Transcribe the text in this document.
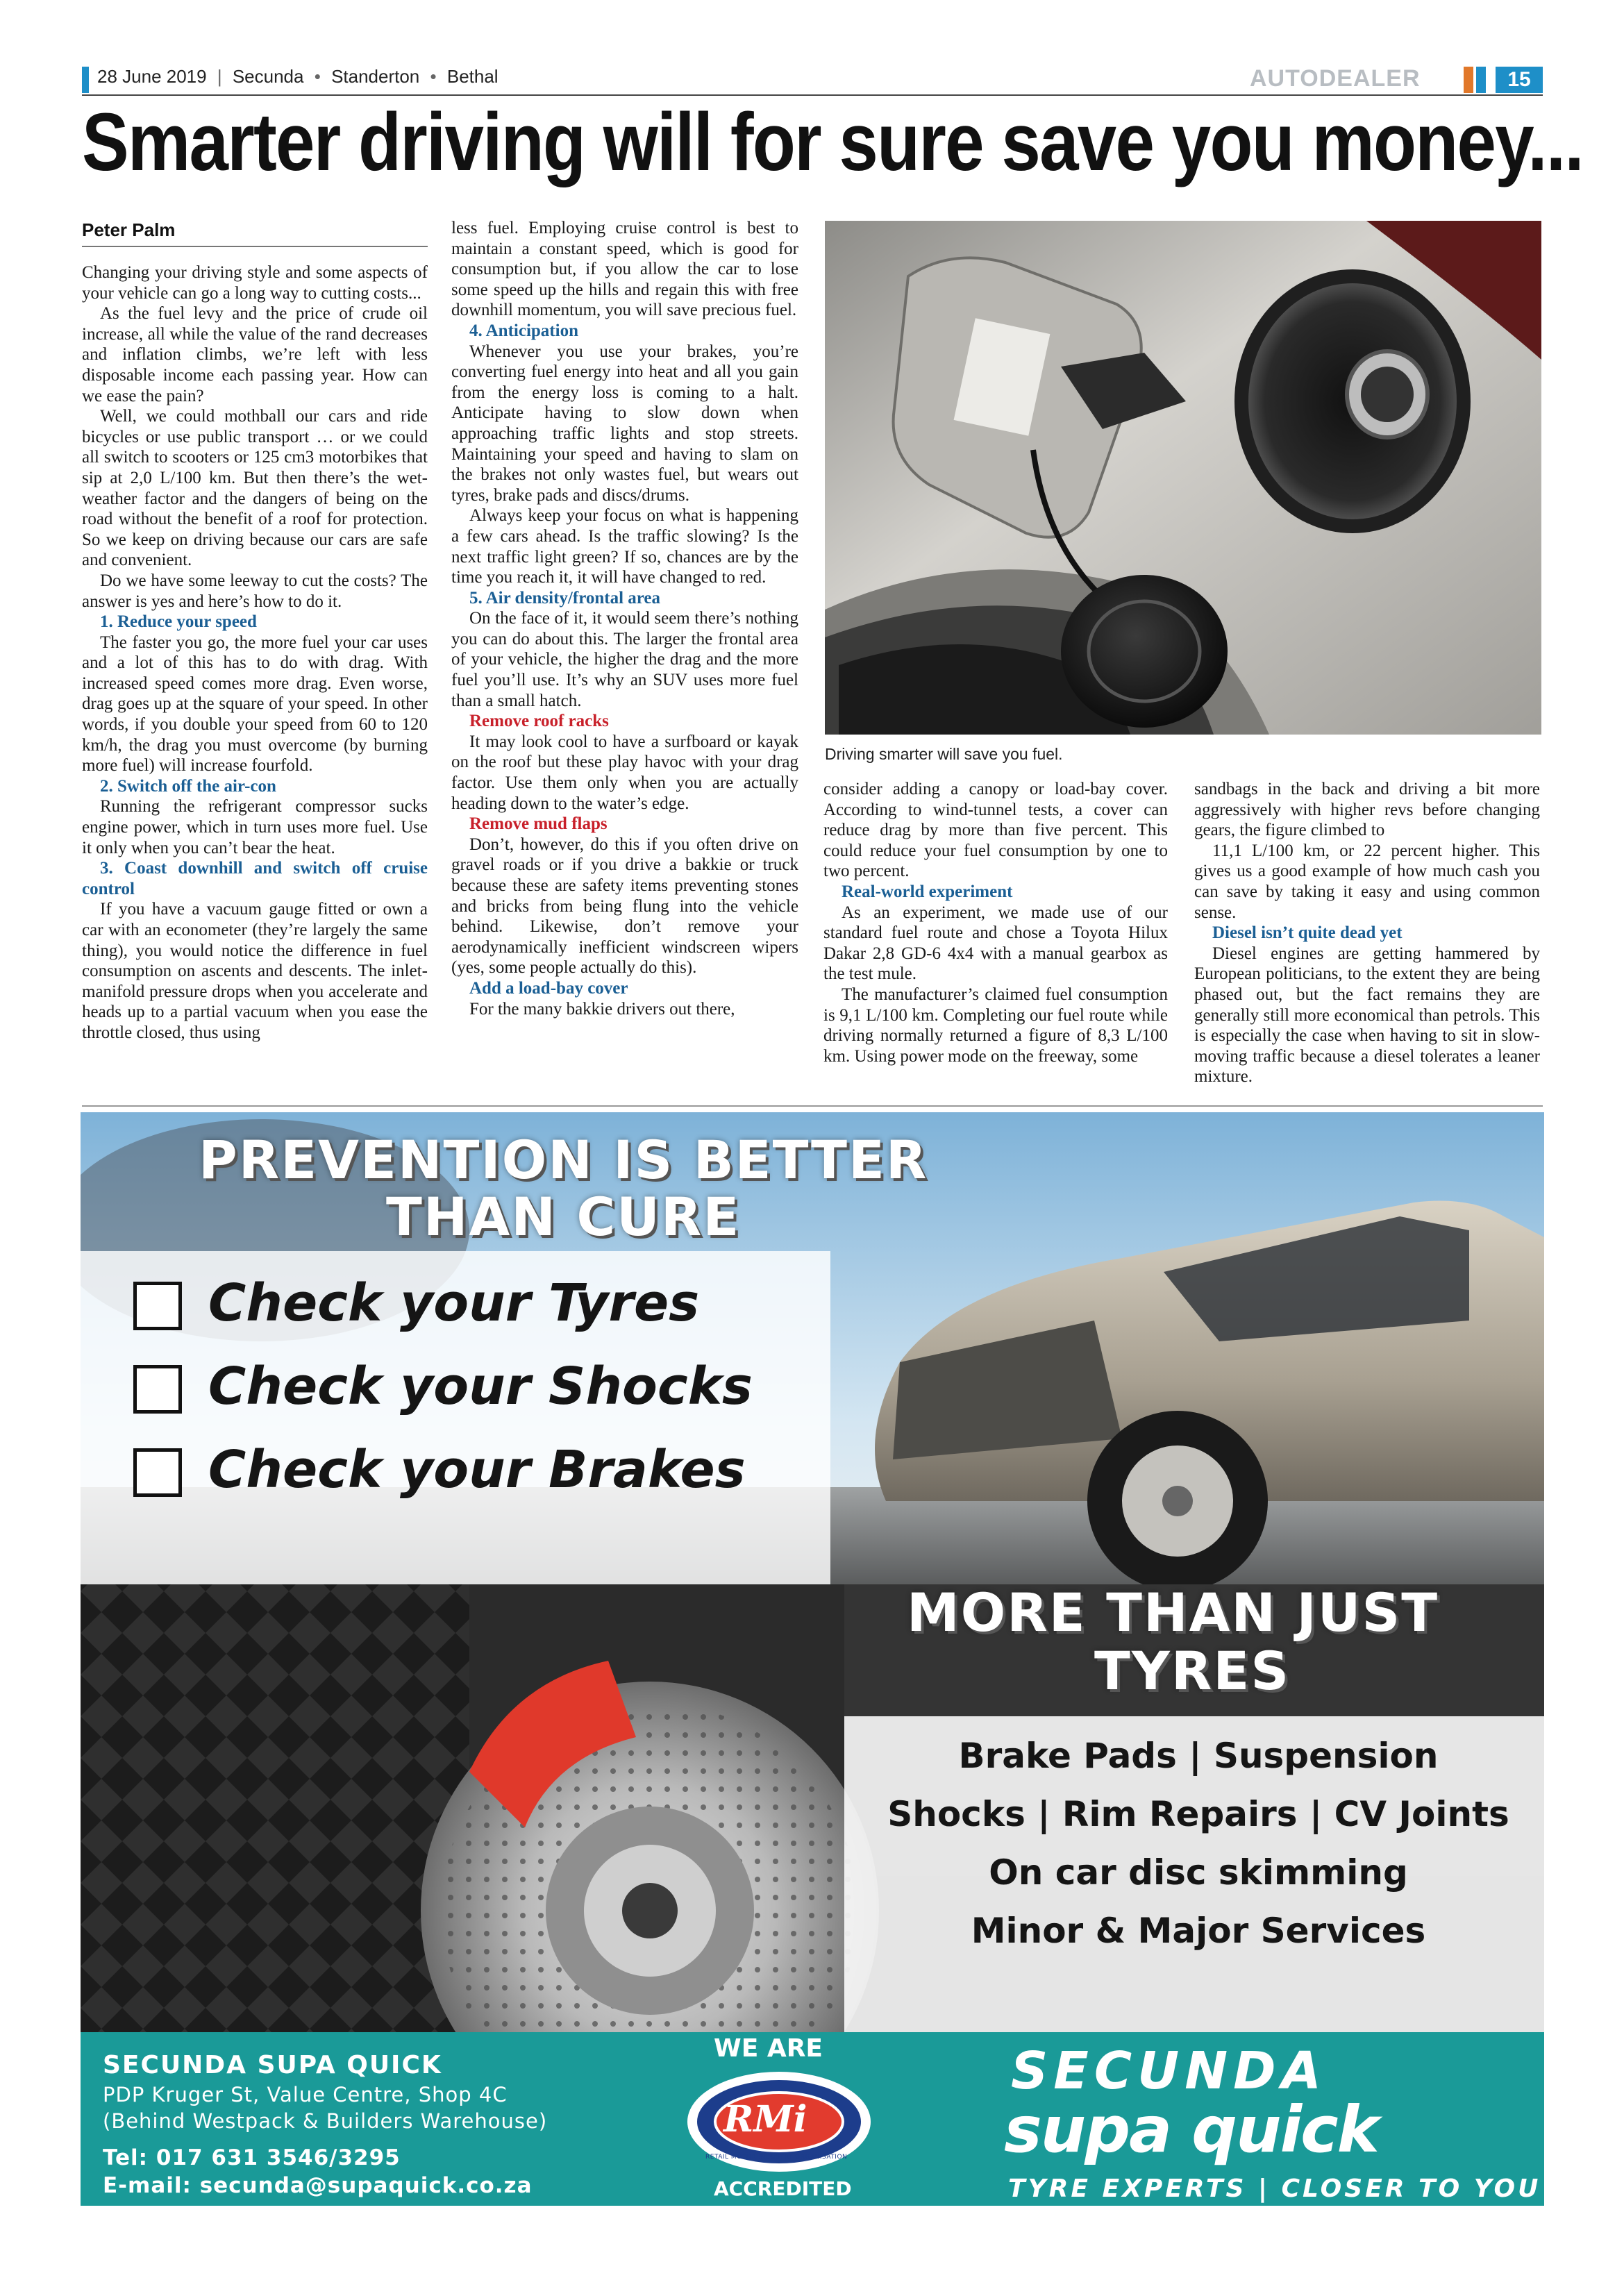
28 June 2019 | Secunda • Standerton • Bethal	AUTODEALER	15
Smarter driving will for sure save you money...
Peter Palm

Changing your driving style and some aspects of your vehicle can go a long way to cutting costs...

As the fuel levy and the price of crude oil increase, all while the value of the rand decreases and inflation climbs, we’re left with less disposable income each passing year. How can we ease the pain?

Well, we could mothball our cars and ride bicycles or use public transport … or we could all switch to scooters or 125 cm3 motorbikes that sip at 2,0 L/100 km. But then there’s the wet-weather factor and the dangers of being on the road without the benefit of a roof for protection. So we keep on driving because our cars are safe and convenient.

Do we have some leeway to cut the costs? The answer is yes and here’s how to do it.

1. Reduce your speed

The faster you go, the more fuel your car uses and a lot of this has to do with drag. With increased speed comes more drag. Even worse, drag goes up at the square of your speed. In other words, if you double your speed from 60 to 120 km/h, the drag you must overcome (by burning more fuel) will increase fourfold.

2. Switch off the air-con

Running the refrigerant compressor sucks engine power, which in turn uses more fuel. Use it only when you can’t bear the heat.

3. Coast downhill and switch off cruise control

If you have a vacuum gauge fitted or own a car with an econometer (they’re largely the same thing), you would notice the difference in fuel consumption on ascents and descents. The inlet-manifold pressure drops when you accelerate and heads up to a partial vacuum when you ease the throttle closed, thus using

less fuel. Employing cruise control is best to maintain a constant speed, which is good for consumption but, if you allow the car to lose some speed up the hills and regain this with free downhill momentum, you will save precious fuel.

4. Anticipation

Whenever you use your brakes, you’re converting fuel energy into heat and all you gain from the energy loss is coming to a halt. Anticipate having to slow down when approaching traffic lights and stop streets. Maintaining your speed and having to slam on the brakes not only wastes fuel, but wears out tyres, brake pads and discs/drums.

Always keep your focus on what is happening a few cars ahead. Is the traffic slowing? Is the next traffic light green? If so, chances are by the time you reach it, it will have changed to red.

5. Air density/frontal area

On the face of it, it would seem there’s nothing you can do about this. The larger the frontal area of your vehicle, the higher the drag and the more fuel you’ll use. It’s why an SUV uses more fuel than a small hatch.

Remove roof racks

It may look cool to have a surfboard or kayak on the roof but these play havoc with your drag factor. Use them only when you are actually heading down to the water’s edge.

Remove mud flaps

Don’t, however, do this if you often drive on gravel roads or if you drive a bakkie or truck because these are safety items preventing stones and bricks from being flung into the vehicle behind. Likewise, don’t remove your aerodynamically inefficient windscreen wipers (yes, some people actually do this).

Add a load-bay cover

For the many bakkie drivers out there,

consider adding a canopy or load-bay cover. According to wind-tunnel tests, a cover can reduce drag by more than five percent. This could reduce your fuel consumption by one to two percent.

Real-world experiment

As an experiment, we made use of our standard fuel route and chose a Toyota Hilux Dakar 2,8 GD-6 4x4 with a manual gearbox as the test mule.

The manufacturer’s claimed fuel consumption is 9,1 L/100 km. Completing our fuel route while driving normally returned a figure of 8,3 L/100 km. Using power mode on the freeway, some

sandbags in the back and driving a bit more aggressively with higher revs before changing gears, the figure climbed to

11,1 L/100 km, or 22 percent higher. This gives us a good example of how much cash you can save by taking it easy and using common sense.

Diesel isn’t quite dead yet

Diesel engines are getting hammered by European politicians, to the extent they are being phased out, but the fact remains they are generally still more economical than petrols. This is especially the case when having to sit in slow-moving traffic because a diesel tolerates a leaner mixture.

Driving smarter will save you fuel.
PREVENTION IS BETTER
THAN CURE
Check your Tyres
Check your Shocks
Check your Brakes
MORE THAN JUST
TYRES
Brake Pads | Suspension
Shocks | Rim Repairs | CV Joints
On car disc skimming
Minor & Major Services
SECUNDA SUPA QUICK
PDP Kruger St, Value Centre, Shop 4C
(Behind Westpack & Builders Warehouse)
Tel: 017 631 3546/3295
E-mail: secunda@supaquick.co.za
WE ARE
RMi
RETAIL MOTOR INDUSTRY ORGANISATION
ACCREDITED
SECUNDA
supa quick
TYRE EXPERTS | CLOSER TO YOU
